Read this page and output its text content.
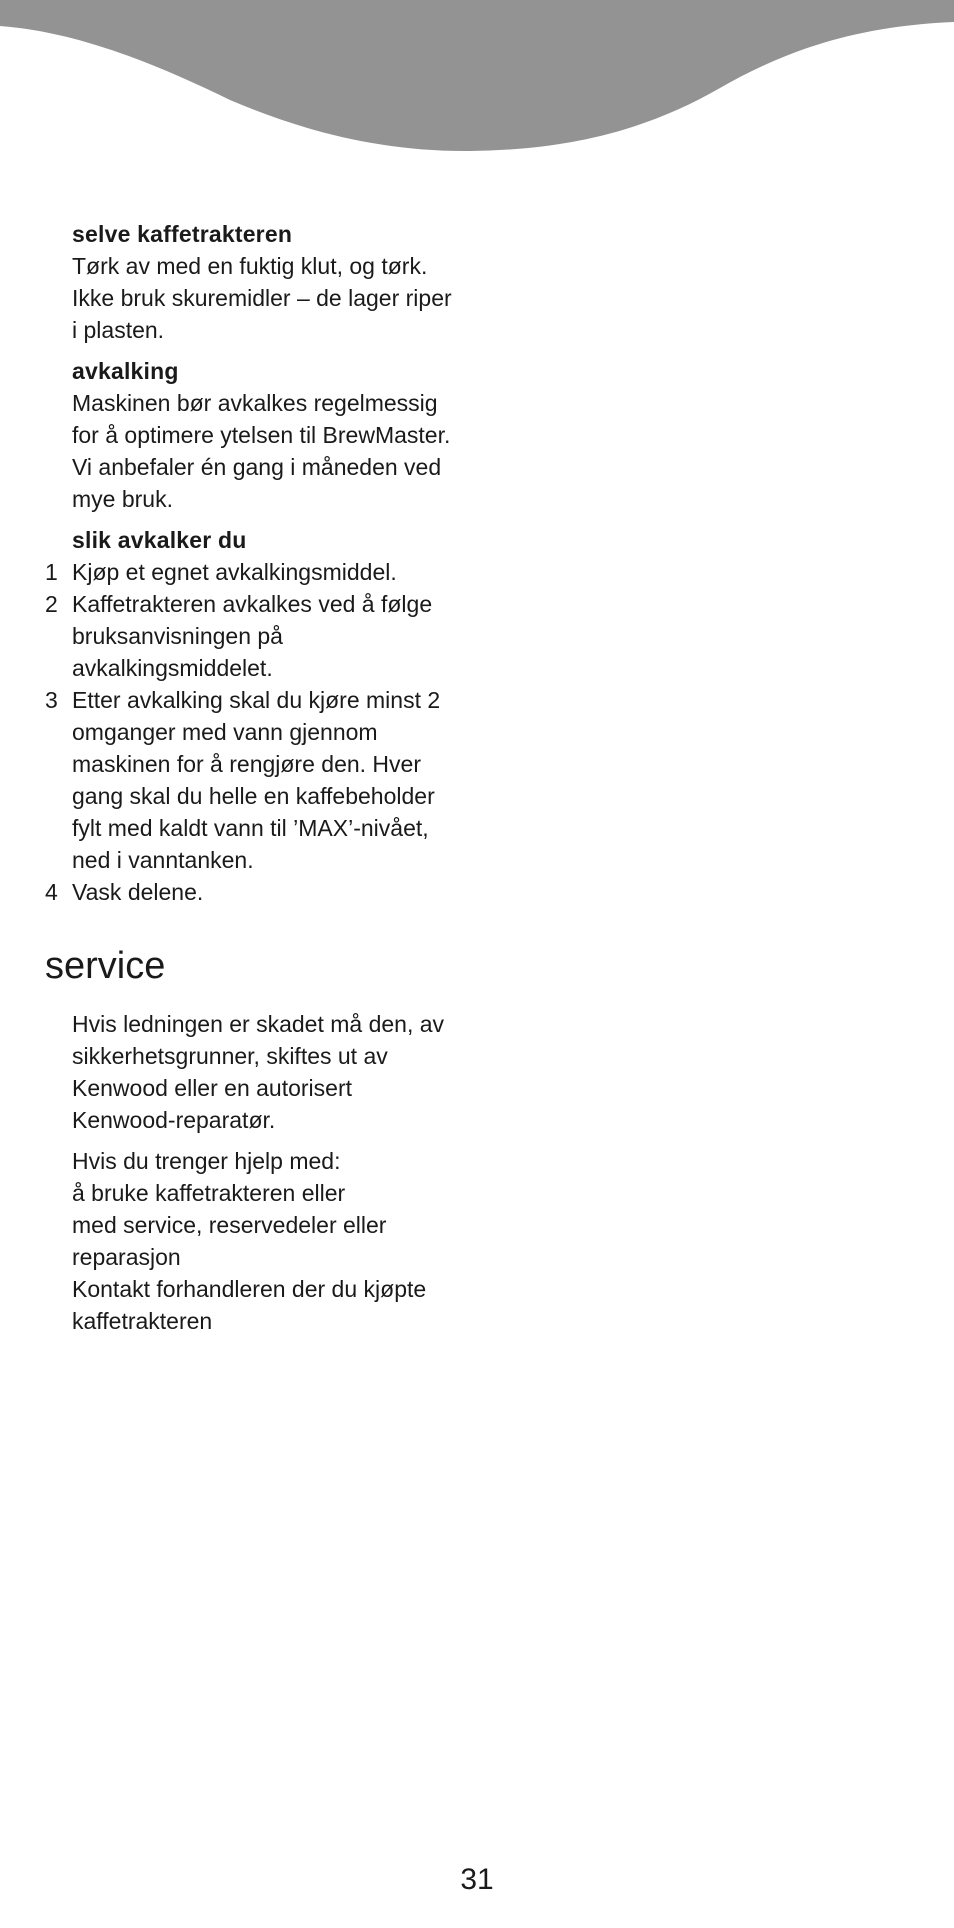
selve kaffetrakteren

Tørk av med en fuktig klut, og tørk.

Ikke bruk skuremidler – de lager riper

i plasten.

avkalking

Maskinen bør avkalkes regelmessig

for å optimere ytelsen til BrewMaster.

Vi anbefaler én gang i måneden ved

mye bruk.

slik avkalker du

1 Kjøp et egnet avkalkingsmiddel.

2 Kaffetrakteren avkalkes ved å følge

bruksanvisningen på

avkalkingsmiddelet.

3 Etter avkalking skal du kjøre minst 2

omganger med vann gjennom

maskinen for å rengjøre den. Hver

gang skal du helle en kaffebeholder

fylt med kaldt vann til ’MAX’-nivået,

ned i vanntanken.

4 Vask delene.

service

Hvis ledningen er skadet må den, av

sikkerhetsgrunner, skiftes ut av

Kenwood eller en autorisert

Kenwood-reparatør.

Hvis du trenger hjelp med:

å bruke kaffetrakteren eller

med service, reservedeler eller

reparasjon

Kontakt forhandleren der du kjøpte

kaffetrakteren

31
